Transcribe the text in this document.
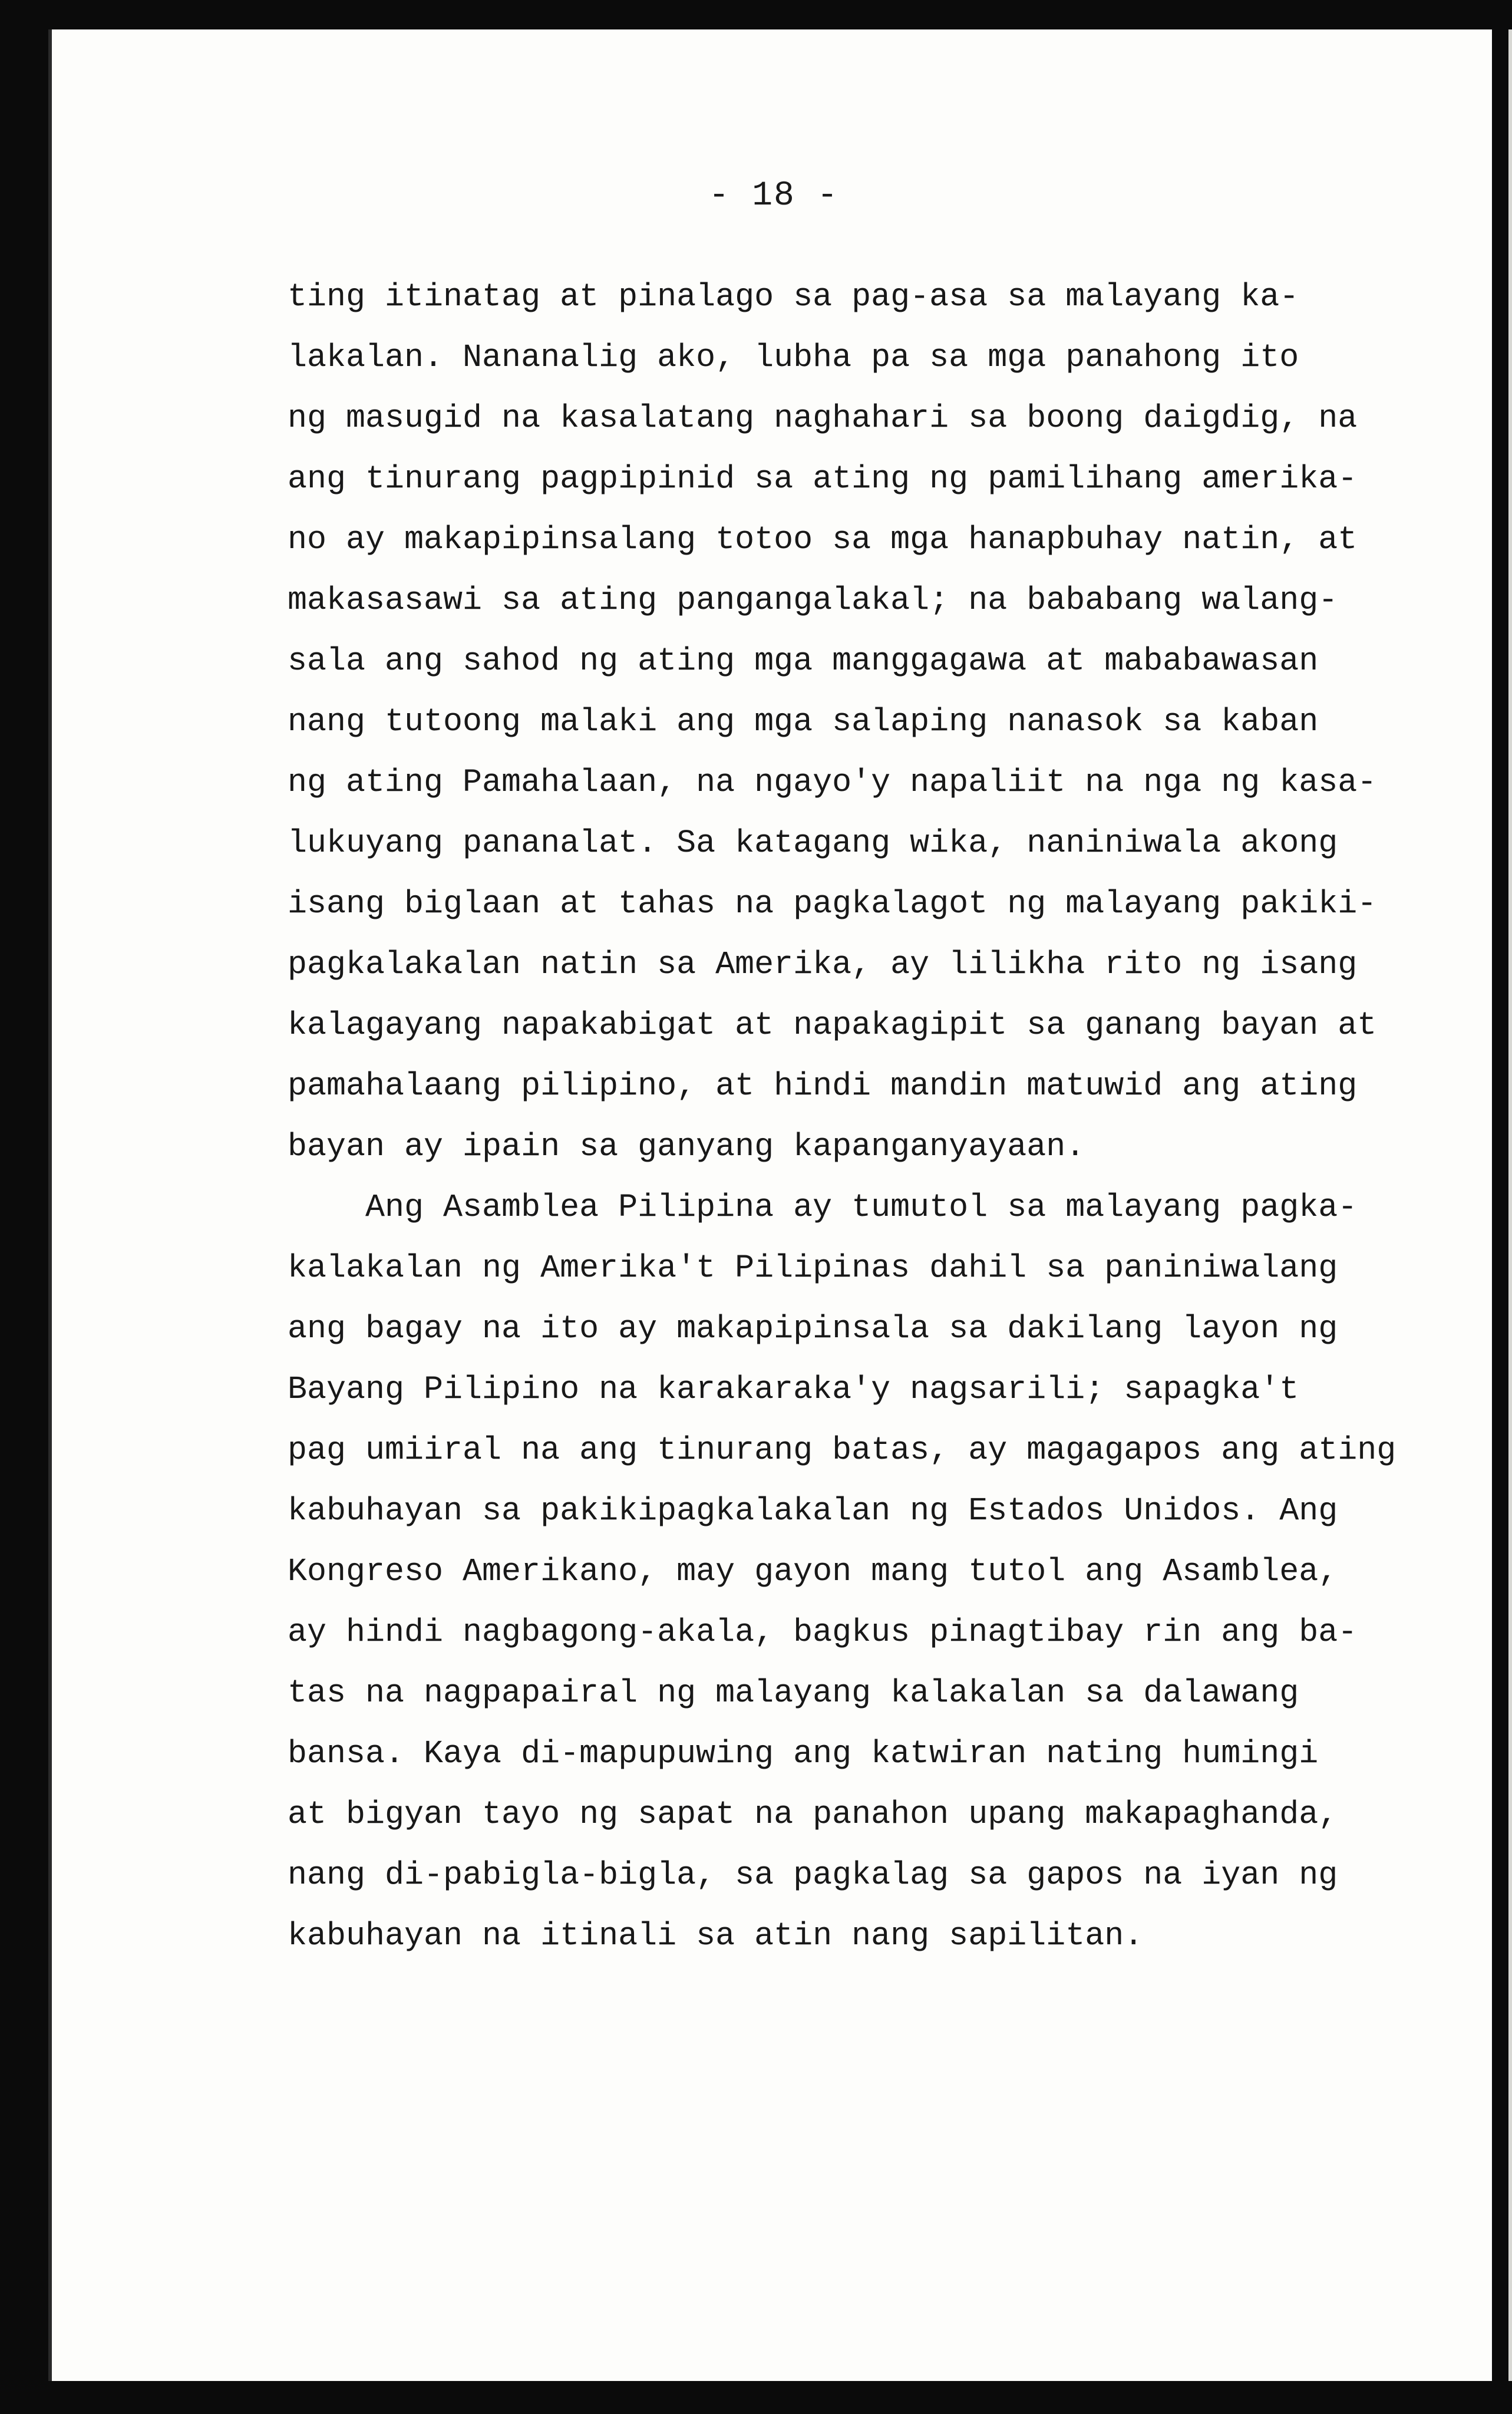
- 18 -
ting itinatag at pinalago sa pag-asa sa malayang ka-
lakalan. Nananalig ako, lubha pa sa mga panahong ito
ng masugid na kasalatang naghahari sa boong daigdig, na
ang tinurang pagpipinid sa ating ng pamilihang amerika-
no ay makapipinsalang totoo sa mga hanapbuhay natin, at
makasasawi sa ating pangangalakal; na bababang walang-
sala ang sahod ng ating mga manggagawa at mababawasan
nang tutoong malaki ang mga salaping nanasok sa kaban
ng ating Pamahalaan, na ngayo'y napaliit na nga ng kasa-
lukuyang pananalat. Sa katagang wika, naniniwala akong
isang biglaan at tahas na pagkalagot ng malayang pakiki-
pagkalakalan natin sa Amerika, ay lilikha rito ng isang
kalagayang napakabigat at napakagipit sa ganang bayan at
pamahalaang pilipino, at hindi mandin matuwid ang ating
bayan ay ipain sa ganyang kapanganyayaan.
Ang Asamblea Pilipina ay tumutol sa malayang pagka-
kalakalan ng Amerika't Pilipinas dahil sa paniniwalang
ang bagay na ito ay makapipinsala sa dakilang layon ng
Bayang Pilipino na karakaraka'y nagsarili; sapagka't
pag umiiral na ang tinurang batas, ay magagapos ang ating
kabuhayan sa pakikipagkalakalan ng Estados Unidos. Ang
Kongreso Amerikano, may gayon mang tutol ang Asamblea,
ay hindi nagbagong-akala, bagkus pinagtibay rin ang ba-
tas na nagpapairal ng malayang kalakalan sa dalawang
bansa. Kaya di-mapupuwing ang katwiran nating humingi
at bigyan tayo ng sapat na panahon upang makapaghanda,
nang di-pabigla-bigla, sa pagkalag sa gapos na iyan ng
kabuhayan na itinali sa atin nang sapilitan.
